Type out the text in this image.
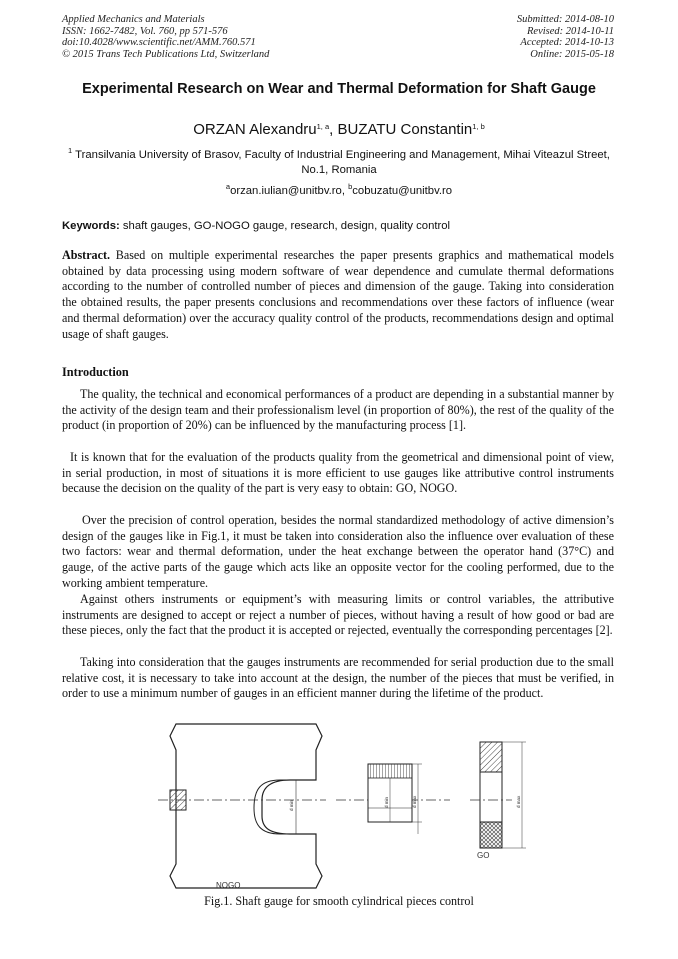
Applied Mechanics and Materials
ISSN: 1662-7482, Vol. 760, pp 571-576
doi:10.4028/www.scientific.net/AMM.760.571
© 2015 Trans Tech Publications Ltd, Switzerland
Submitted: 2014-08-10
Revised: 2014-10-11
Accepted: 2014-10-13
Online: 2015-05-18
Experimental Research on Wear and Thermal Deformation for Shaft Gauge
ORZAN Alexandru$^{1, a}$, BUZATU Constantin$^{1, b}$
$^1$ Transilvania University of Brasov, Faculty of Industrial Engineering and Management, Mihai Viteazul Street, No.1, Romania
$^a$orzan.iulian@unitbv.ro, $^b$cobuzatu@unitbv.ro
Keywords: shaft gauges, GO-NOGO gauge, research, design, quality control
Abstract. Based on multiple experimental researches the paper presents graphics and mathematical models obtained by data processing using modern software of wear dependence and cumulate thermal deformations according to the number of controlled number of pieces and dimension of the gauge. Taking into consideration the obtained results, the paper presents conclusions and recommendations over these factors of influence (wear and thermal deformation) over the accuracy quality control of the products, recommendations design and optimal usage of shaft gauges.
Introduction
The quality, the technical and economical performances of a product are depending in a substantial manner by the activity of the design team and their professionalism level (in proportion of 80%), the rest of the quality of the product (in proportion of 20%) can be influenced by the manufacturing process [1].
It is known that for the evaluation of the products quality from the geometrical and dimensional point of view, in serial production, in most of situations it is more efficient to use gauges like attributive control instruments because the decision on the quality of the part is very easy to obtain: GO, NOGO.
Over the precision of control operation, besides the normal standardized methodology of active dimension’s design of the gauges like in Fig.1, it must be taken into consideration also the influence over evaluation of these two factors: wear and thermal deformation, under the heat exchange between the operator hand (37°C) and gauge, of the active parts of the gauge which acts like an opposite vector for the cooling performed, due to the working ambient temperature.
Against others instruments or equipment’s with measuring limits or control variables, the attributive instruments are designed to accept or reject a number of pieces, without having a result of how good or bad are these pieces, only the fact that the product it is accepted or rejected, eventually the corresponding percentages [2].
Taking into consideration that the gauges instruments are recommended for serial production due to the small relative cost, it is necessary to take into account at the design, the number of the pieces that must be verified, in order to use a minimum number of gauges in an efficient manner during the lifetime of the product.
d min	d min	d max	d max
NOGO
GO
Fig.1. Shaft gauge for smooth cylindrical pieces control
